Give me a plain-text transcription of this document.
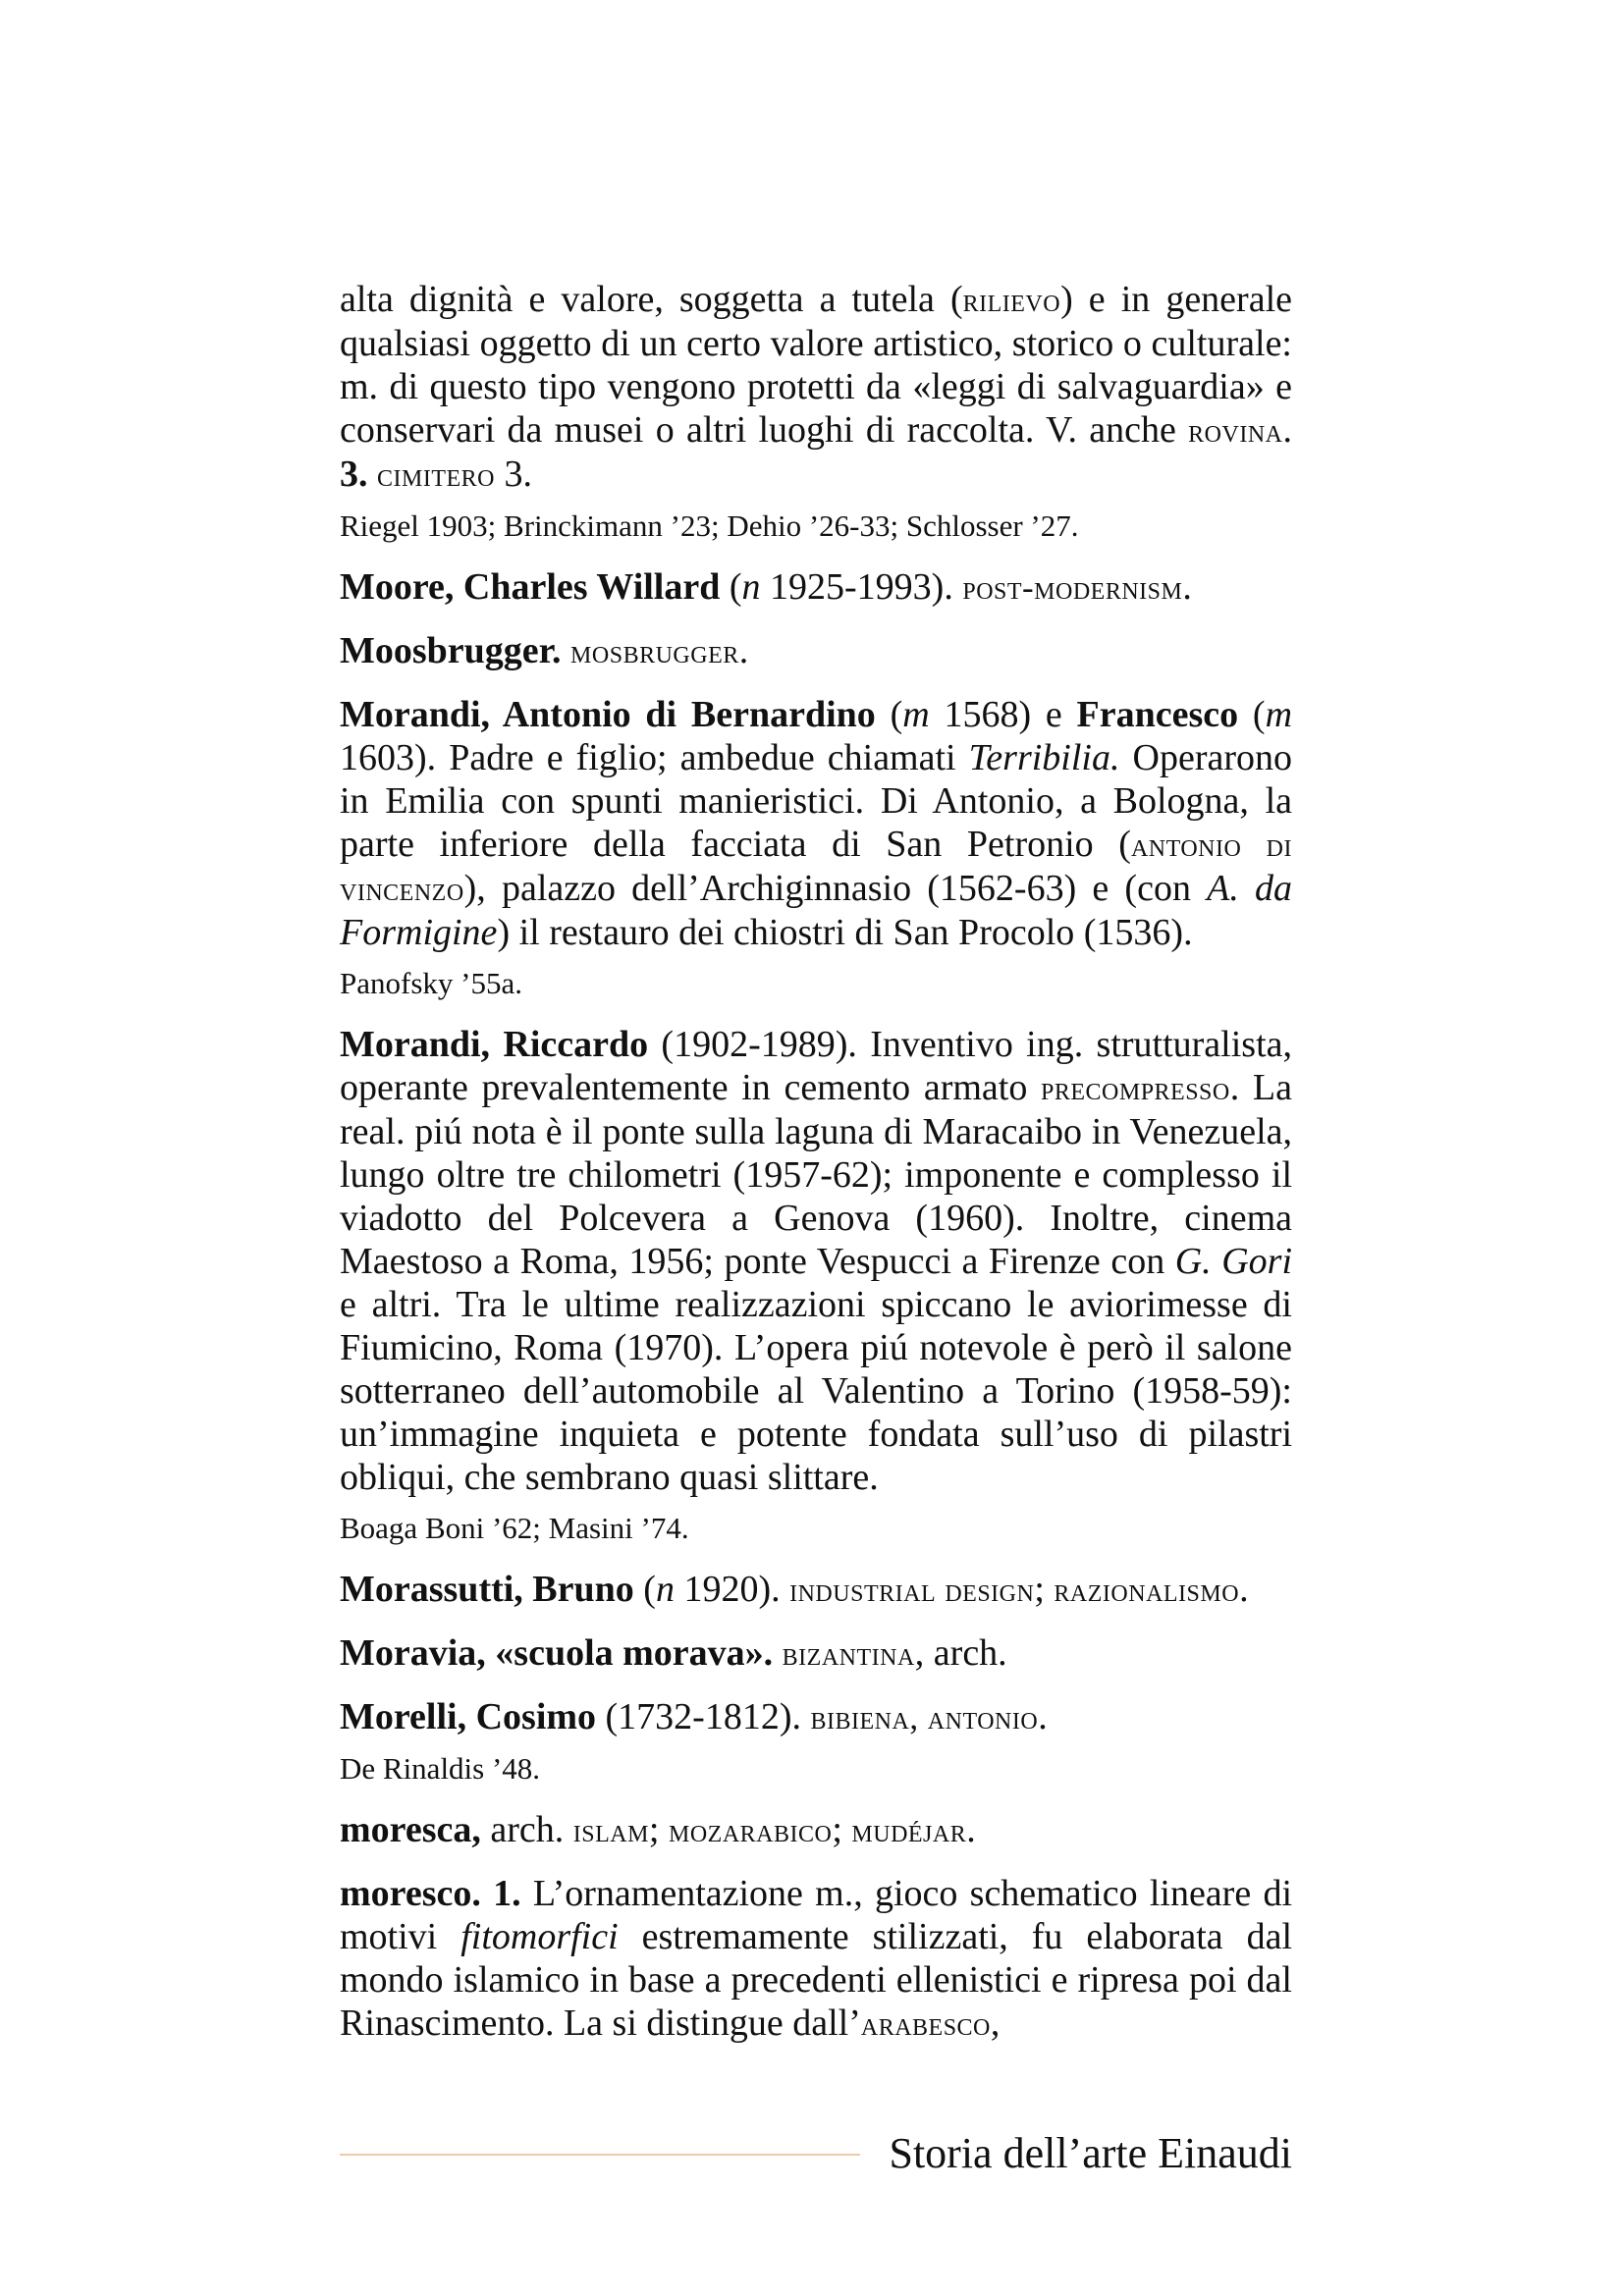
alta dignità e valore, soggetta a tutela (rilievo) e in generale qualsiasi oggetto di un certo valore artistico, storico o culturale: m. di questo tipo vengono protetti da «leggi di salvaguardia» e conservari da musei o altri luoghi di raccolta. V. anche rovina. 3. cimitero 3.

Riegel 1903; Brinckimann ’23; Dehio ’26-33; Schlosser ’27.

Moore, Charles Willard (n 1925-1993). post-modernism.

Moosbrugger. mosbrugger.

Morandi, Antonio di Bernardino (m 1568) e Francesco (m 1603). Padre e figlio; ambedue chiamati Terribilia. Operarono in Emilia con spunti manieristici. Di Antonio, a Bologna, la parte inferiore della facciata di San Petronio (antonio di vincenzo), palazzo dell’Archiginnasio (1562-63) e (con A. da Formigine) il restauro dei chiostri di San Procolo (1536).

Panofsky ’55a.

Morandi, Riccardo (1902-1989). Inventivo ing. strutturalista, operante prevalentemente in cemento armato precompresso. La real. piú nota è il ponte sulla laguna di Maracaibo in Venezuela, lungo oltre tre chilometri (1957-62); imponente e complesso il viadotto del Polcevera a Genova (1960). Inoltre, cinema Maestoso a Roma, 1956; ponte Vespucci a Firenze con G. Gori e altri. Tra le ultime realizzazioni spiccano le aviorimesse di Fiumicino, Roma (1970). L’opera piú notevole è però il salone sotterraneo dell’automobile al Valentino a Torino (1958-59): un’immagine inquieta e potente fondata sull’uso di pilastri obliqui, che sembrano quasi slittare.

Boaga Boni ’62; Masini ’74.

Morassutti, Bruno (n 1920). industrial design; razionalismo.

Moravia, «scuola morava». bizantina, arch.

Morelli, Cosimo (1732-1812). bibiena, antonio.

De Rinaldis ’48.

moresca, arch. islam; mozarabico; mudéjar.

moresco. 1. L’ornamentazione m., gioco schematico lineare di motivi fitomorfici estremamente stilizzati, fu elaborata dal mondo islamico in base a precedenti ellenistici e ripresa poi dal Rinascimento. La si distingue dall’arabesco,

Storia dell’arte Einaudi
